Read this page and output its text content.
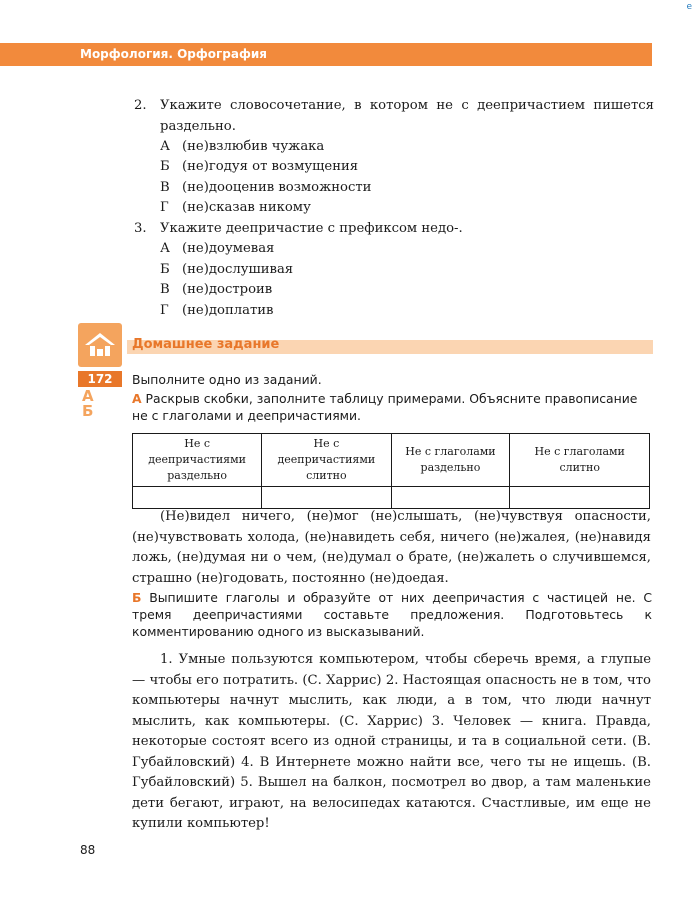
e
Морфология. Орфография
2. Укажите словосочетание, в котором не с деепричастием пишется раздельно.
А (не)взлюбив чужака
Б (не)годуя от возмущения
В (не)дооценив возможности
Г (не)сказав никому
3. Укажите деепричастие с префиксом недо-.
А (не)доумевая
Б (не)дослушивая
В (не)достроив
Г (не)доплатив
Домашнее задание
172	Выполните одно из заданий.
А
Б
А Раскрыв скобки, заполните таблицу примерами. Объясните правописание не с глаголами и деепричастиями.
Не с деепричастиями раздельно	Не с деепричастиями слитно	Не с глаголами раздельно	Не с глаголами слитно

(Не)видел ничего, (не)мог (не)слышать, (не)чувствуя опасности, (не)чувствовать холода, (не)навидеть себя, ничего (не)жалея, (не)навидя ложь, (не)думая ни о чем, (не)думал о брате, (не)жалеть о случившемся, страшно (не)годовать, постоянно (не)доедая.
Б Выпишите глаголы и образуйте от них деепричастия с частицей не. С тремя деепричастиями составьте предложения. Подготовьтесь к комментированию одного из высказываний.
1. Умные пользуются компьютером, чтобы сберечь время, а глупые — чтобы его потратить. (С. Харрис) 2. Настоящая опасность не в том, что компьютеры начнут мыслить, как люди, а в том, что люди начнут мыслить, как компьютеры. (С. Харрис) 3. Человек — книга. Правда, некоторые состоят всего из одной страницы, и та в социальной сети. (В. Губайловский) 4. В Интернете можно найти все, чего ты не ищешь. (В. Губайловский) 5. Вышел на балкон, посмотрел во двор, а там маленькие дети бегают, играют, на велосипедах катаются. Счастливые, им еще не купили компьютер!
88
